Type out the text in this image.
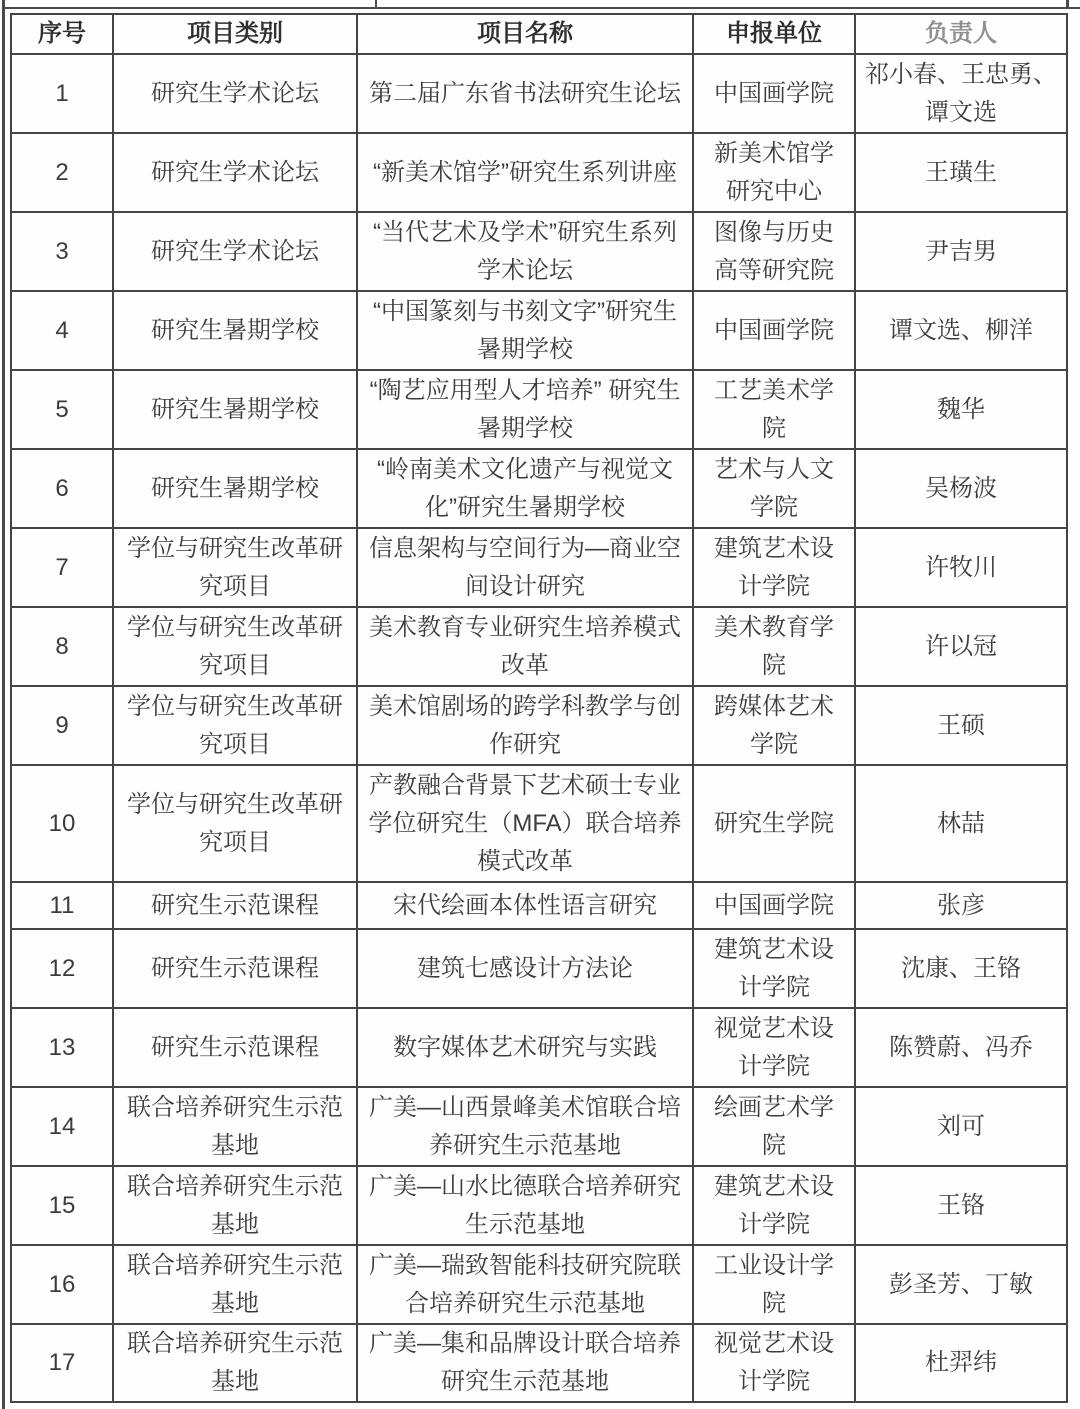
序号	项目类别	项目名称	申报单位	负责人
1	研究生学术论坛	第二届广东省书法研究生论坛	中国画学院	祁小春、王忠勇、谭文选
2	研究生学术论坛	“新美术馆学”研究生系列讲座	新美术馆学研究中心	王璜生
3	研究生学术论坛	“当代艺术及学术”研究生系列学术论坛	图像与历史高等研究院	尹吉男
4	研究生暑期学校	“中国篆刻与书刻文字”研究生暑期学校	中国画学院	谭文选、柳洋
5	研究生暑期学校	“陶艺应用型人才培养” 研究生暑期学校	工艺美术学院	魏华
6	研究生暑期学校	“岭南美术文化遗产与视觉文化”研究生暑期学校	艺术与人文学院	吴杨波
7	学位与研究生改革研究项目	信息架构与空间行为—商业空间设计研究	建筑艺术设计学院	许牧川
8	学位与研究生改革研究项目	美术教育专业研究生培养模式改革	美术教育学院	许以冠
9	学位与研究生改革研究项目	美术馆剧场的跨学科教学与创作研究	跨媒体艺术学院	王硕
10	学位与研究生改革研究项目	产教融合背景下艺术硕士专业学位研究生（MFA）联合培养模式改革	研究生学院	林喆
11	研究生示范课程	宋代绘画本体性语言研究	中国画学院	张彦
12	研究生示范课程	建筑七感设计方法论	建筑艺术设计学院	沈康、王铬
13	研究生示范课程	数字媒体艺术研究与实践	视觉艺术设计学院	陈赞蔚、冯乔
14	联合培养研究生示范基地	广美—山西景峰美术馆联合培养研究生示范基地	绘画艺术学院	刘可
15	联合培养研究生示范基地	广美—山水比德联合培养研究生示范基地	建筑艺术设计学院	王铬
16	联合培养研究生示范基地	广美—瑞致智能科技研究院联合培养研究生示范基地	工业设计学院	彭圣芳、丁敏
17	联合培养研究生示范基地	广美—集和品牌设计联合培养研究生示范基地	视觉艺术设计学院	杜羿纬
